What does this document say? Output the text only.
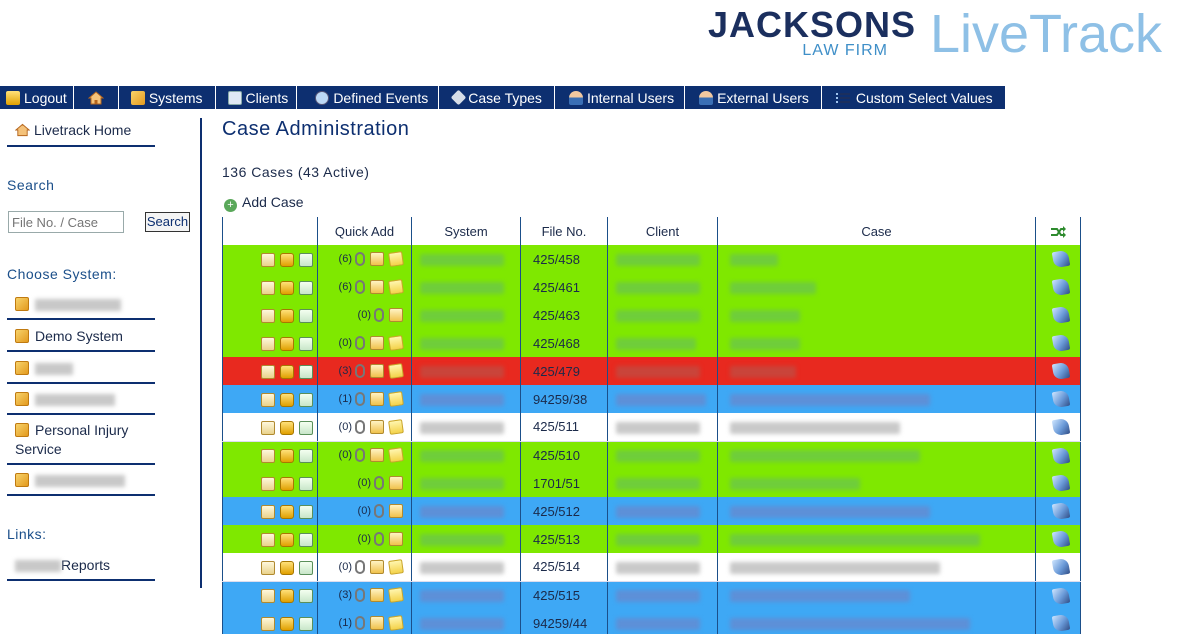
JACKSONS
LAW FIRM LiveTrack
Logout	Systems	Clients	Defined Events	Case Types	Internal Users	External Users	Custom Select Values
Livetrack Home
Search
File No. / Case
Search
Choose System:
Demo System
Personal Injury Service
Links:
Reports
Case Administration
136 Cases (43 Active)
+ Add Case
	Quick Add	System	File No.	Client	Case	
	(6)		425/458			
	(6)		425/461			
	(0)		425/463			
	(0)		425/468			
	(3)		425/479			
	(1)		94259/38			
	(0)		425/511			
	(0)		425/510			
	(0)		1701/51			
	(0)		425/512			
	(0)		425/513			
	(0)		425/514			
	(3)		425/515			
	(1)		94259/44			
